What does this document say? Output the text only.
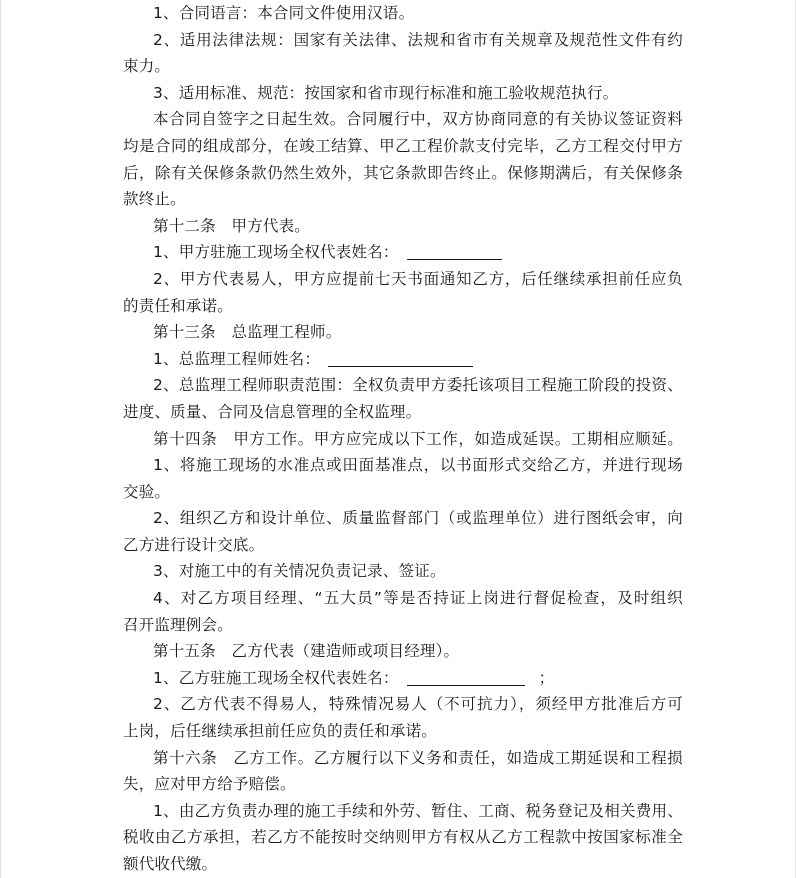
1、合同语言：本合同文件使用汉语。
2、适用法律法规：国家有关法律、法规和省市有关规章及规范性文件有约
束力。
3、适用标准、规范：按国家和省市现行标准和施工验收规范执行。
本合同自签字之日起生效。合同履行中，双方协商同意的有关协议签证资料
均是合同的组成部分，在竣工结算、甲乙工程价款支付完毕，乙方工程交付甲方
后，除有关保修条款仍然生效外，其它条款即告终止。保修期满后，有关保修条
款终止。
第十二条　甲方代表。
1、甲方驻施工现场全权代表姓名：
2、甲方代表易人，甲方应提前七天书面通知乙方，后任继续承担前任应负
的责任和承诺。
第十三条　总监理工程师。
1、总监理工程师姓名：
2、总监理工程师职责范围：全权负责甲方委托该项目工程施工阶段的投资、
进度、质量、合同及信息管理的全权监理。
第十四条　甲方工作。甲方应完成以下工作，如造成延误。工期相应顺延。
1、将施工现场的水准点或田面基准点，以书面形式交给乙方，并进行现场
交验。
2、组织乙方和设计单位、质量监督部门（或监理单位）进行图纸会审，向
乙方进行设计交底。
3、对施工中的有关情况负责记录、签证。
4、对乙方项目经理、“五大员”等是否持证上岗进行督促检查，及时组织
召开监理例会。
第十五条　乙方代表（建造师或项目经理）。
1、乙方驻施工现场全权代表姓名：	；
2、乙方代表不得易人，特殊情况易人（不可抗力），须经甲方批准后方可
上岗，后任继续承担前任应负的责任和承诺。
第十六条　乙方工作。乙方履行以下义务和责任，如造成工期延误和工程损
失，应对甲方给予赔偿。
1、由乙方负责办理的施工手续和外劳、暂住、工商、税务登记及相关费用、
税收由乙方承担，若乙方不能按时交纳则甲方有权从乙方工程款中按国家标准全
额代收代缴。
